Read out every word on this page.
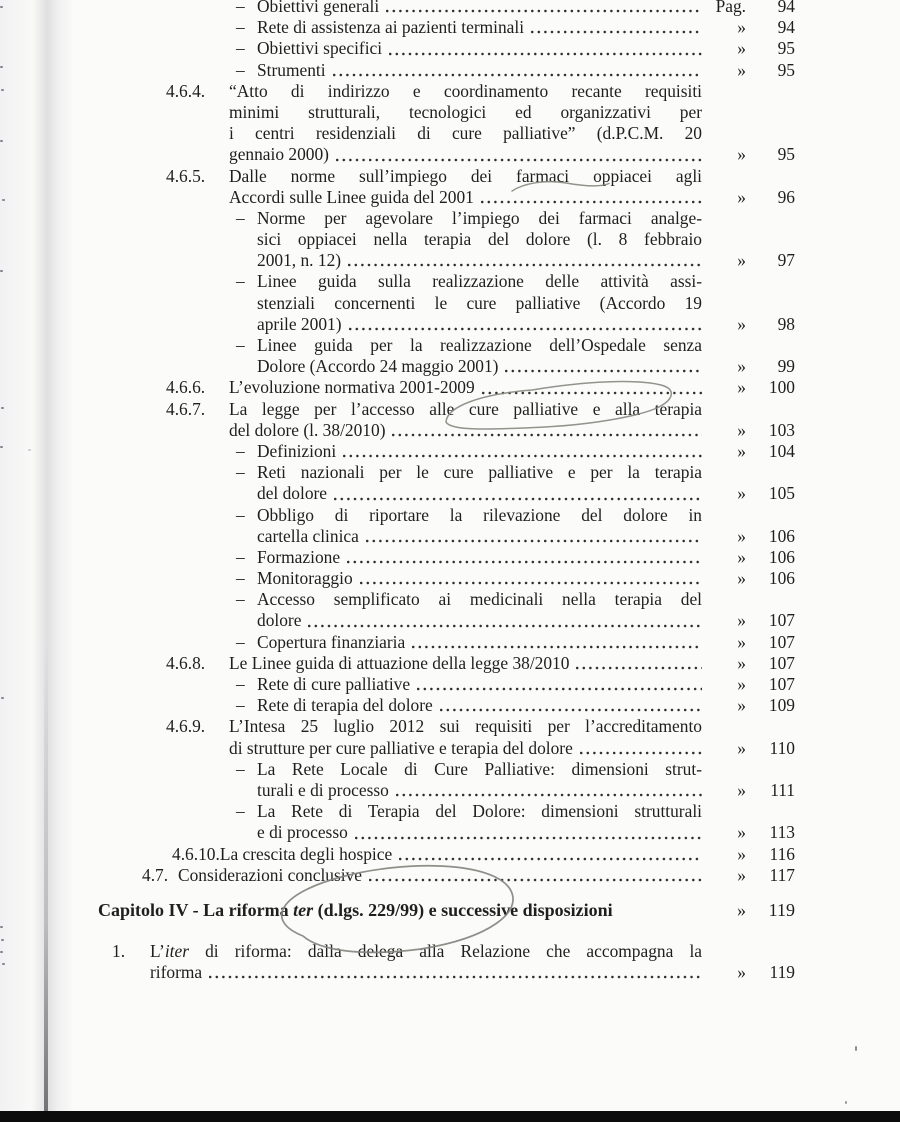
– Obiettivi generali	Pag.	94
– Rete di assistenza ai pazienti terminali	»	94
– Obiettivi specifici	»	95
– Strumenti	»	95
4.6.4.	“Atto di indirizzo e coordinamento recante requisiti
minimi strutturali, tecnologici ed organizzativi per
i centri residenziali di cure palliative” (d.P.C.M. 20
gennaio 2000)	»	95
4.6.5.	Dalle norme sull’impiego dei farmaci oppiacei agli
Accordi sulle Linee guida del 2001	»	96
– Norme per agevolare l’impiego dei farmaci analge-
sici oppiacei nella terapia del dolore (l. 8 febbraio
2001, n. 12)	»	97
– Linee guida sulla realizzazione delle attività assi-
stenziali concernenti le cure palliative (Accordo 19
aprile 2001)	»	98
– Linee guida per la realizzazione dell’Ospedale senza
Dolore (Accordo 24 maggio 2001)	»	99
4.6.6.	L’evoluzione normativa 2001-2009	»	100
4.6.7.	La legge per l’accesso alle cure palliative e alla terapia
del dolore (l. 38/2010)	»	103
– Definizioni	»	104
– Reti nazionali per le cure palliative e per la terapia
del dolore	»	105
– Obbligo di riportare la rilevazione del dolore in
cartella clinica	»	106
– Formazione	»	106
– Monitoraggio	»	106
– Accesso semplificato ai medicinali nella terapia del
dolore	»	107
– Copertura finanziaria	»	107
4.6.8.	Le Linee guida di attuazione della legge 38/2010	»	107
– Rete di cure palliative	»	107
– Rete di terapia del dolore	»	109
4.6.9.	L’Intesa 25 luglio 2012 sui requisiti per l’accreditamento
di strutture per cure palliative e terapia del dolore	»	110
– La Rete Locale di Cure Palliative: dimensioni strut-
turali e di processo	»	111
– La Rete di Terapia del Dolore: dimensioni strutturali
e di processo	»	113
4.6.10. La crescita degli hospice	»	116
4.7. Considerazioni conclusive	»	117
Capitolo IV - La riforma ter (d.lgs. 229/99) e successive disposizioni	»	119
1.	L’iter di riforma: dalla delega alla Relazione che accompagna la
riforma	»	119
